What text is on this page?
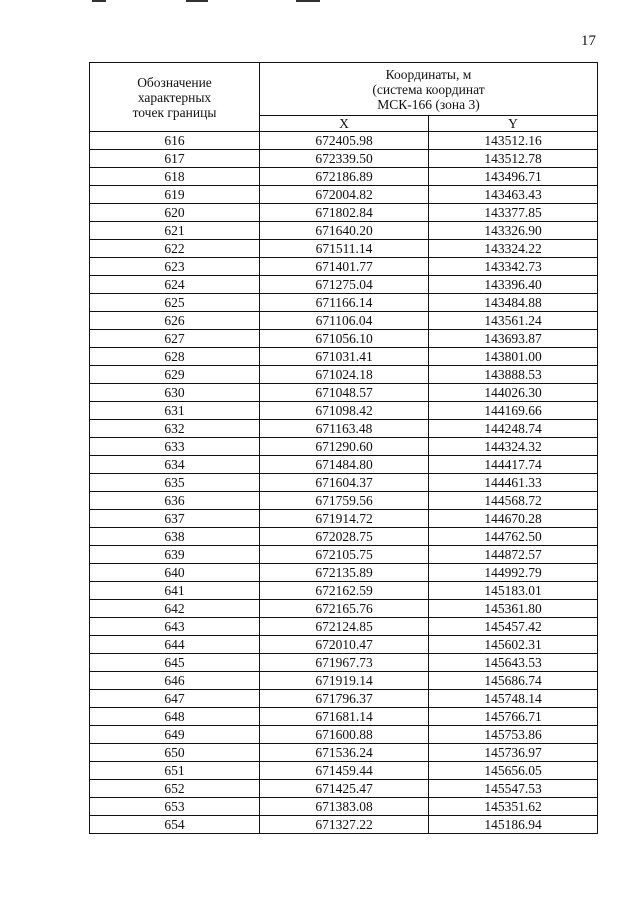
17
Обозначение
характерных
точек границы	Координаты, м
(система координат
МСК-166 (зона 3)	

	X	Y
616	672405.98	143512.16
617	672339.50	143512.78
618	672186.89	143496.71
619	672004.82	143463.43
620	671802.84	143377.85
621	671640.20	143326.90
622	671511.14	143324.22
623	671401.77	143342.73
624	671275.04	143396.40
625	671166.14	143484.88
626	671106.04	143561.24
627	671056.10	143693.87
628	671031.41	143801.00
629	671024.18	143888.53
630	671048.57	144026.30
631	671098.42	144169.66
632	671163.48	144248.74
633	671290.60	144324.32
634	671484.80	144417.74
635	671604.37	144461.33
636	671759.56	144568.72
637	671914.72	144670.28
638	672028.75	144762.50
639	672105.75	144872.57
640	672135.89	144992.79
641	672162.59	145183.01
642	672165.76	145361.80
643	672124.85	145457.42
644	672010.47	145602.31
645	671967.73	145643.53
646	671919.14	145686.74
647	671796.37	145748.14
648	671681.14	145766.71
649	671600.88	145753.86
650	671536.24	145736.97
651	671459.44	145656.05
652	671425.47	145547.53
653	671383.08	145351.62
654	671327.22	145186.94
